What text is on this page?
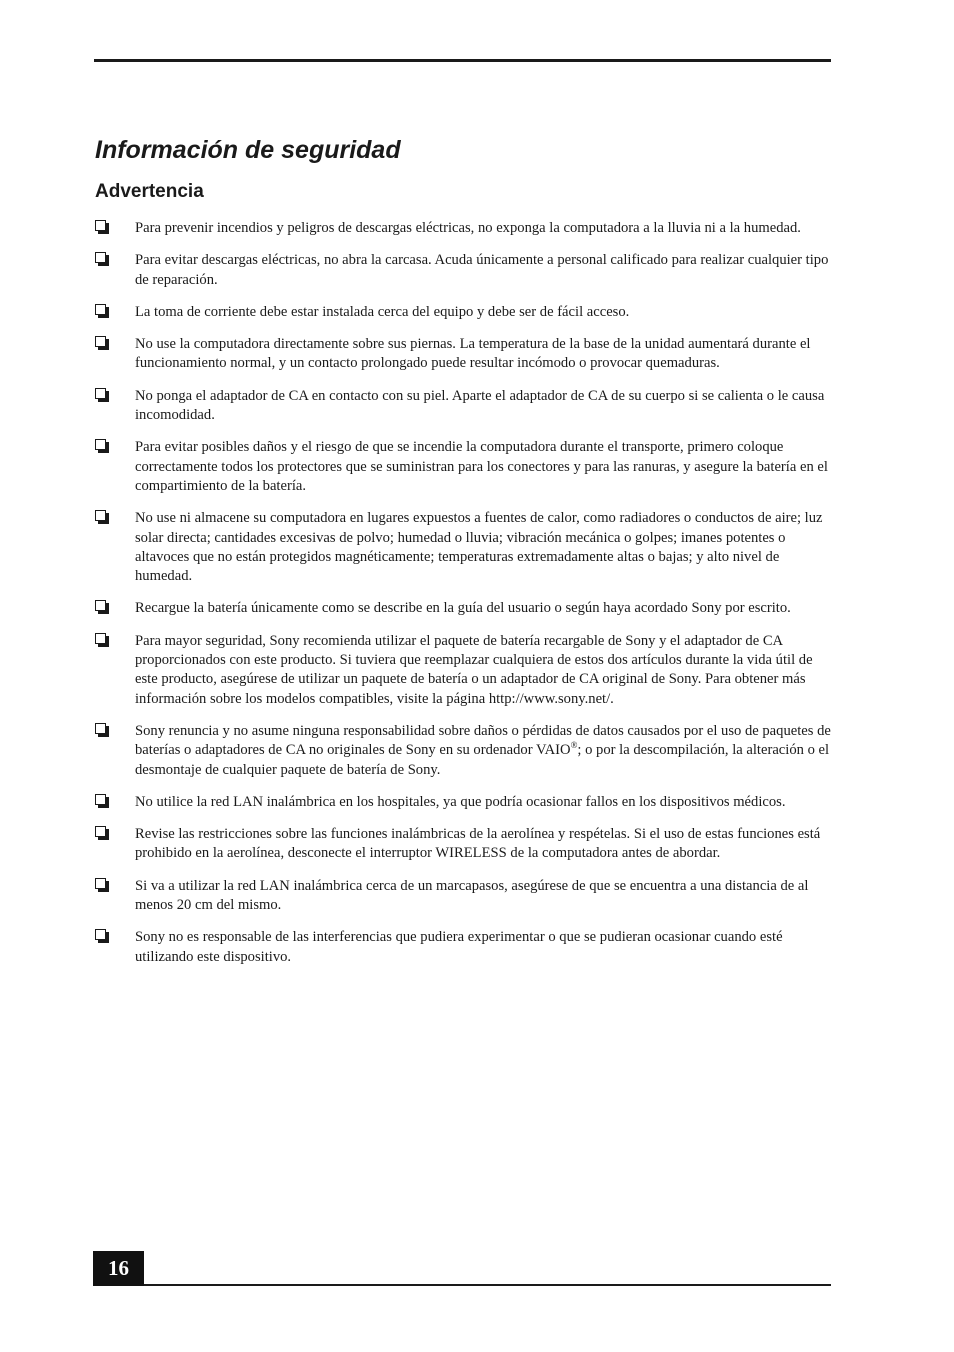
Información de seguridad
Advertencia
Para prevenir incendios y peligros de descargas eléctricas, no exponga la computadora a la lluvia ni a la humedad.
Para evitar descargas eléctricas, no abra la carcasa. Acuda únicamente a personal calificado para realizar cualquier tipo de reparación.
La toma de corriente debe estar instalada cerca del equipo y debe ser de fácil acceso.
No use la computadora directamente sobre sus piernas. La temperatura de la base de la unidad aumentará durante el funcionamiento normal, y un contacto prolongado puede resultar incómodo o provocar quemaduras.
No ponga el adaptador de CA en contacto con su piel. Aparte el adaptador de CA de su cuerpo si se calienta o le causa incomodidad.
Para evitar posibles daños y el riesgo de que se incendie la computadora durante el transporte, primero coloque correctamente todos los protectores que se suministran para los conectores y para las ranuras, y asegure la batería en el compartimiento de la batería.
No use ni almacene su computadora en lugares expuestos a fuentes de calor, como radiadores o conductos de aire; luz solar directa; cantidades excesivas de polvo; humedad o lluvia; vibración mecánica o golpes; imanes potentes o altavoces que no están protegidos magnéticamente; temperaturas extremadamente altas o bajas; y alto nivel de humedad.
Recargue la batería únicamente como se describe en la guía del usuario o según haya acordado Sony por escrito.
Para mayor seguridad, Sony recomienda utilizar el paquete de batería recargable de Sony y el adaptador de CA proporcionados con este producto. Si tuviera que reemplazar cualquiera de estos dos artículos durante la vida útil de este producto, asegúrese de utilizar un paquete de batería o un adaptador de CA original de Sony. Para obtener más información sobre los modelos compatibles, visite la página http://www.sony.net/.
Sony renuncia y no asume ninguna responsabilidad sobre daños o pérdidas de datos causados por el uso de paquetes de baterías o adaptadores de CA no originales de Sony en su ordenador VAIO®; o por la descompilación, la alteración o el desmontaje de cualquier paquete de batería de Sony.
No utilice la red LAN inalámbrica en los hospitales, ya que podría ocasionar fallos en los dispositivos médicos.
Revise las restricciones sobre las funciones inalámbricas de la aerolínea y respételas. Si el uso de estas funciones está prohibido en la aerolínea, desconecte el interruptor WIRELESS de la computadora antes de abordar.
Si va a utilizar la red LAN inalámbrica cerca de un marcapasos, asegúrese de que se encuentra a una distancia de al menos 20 cm del mismo.
Sony no es responsable de las interferencias que pudiera experimentar o que se pudieran ocasionar cuando esté utilizando este dispositivo.
16
